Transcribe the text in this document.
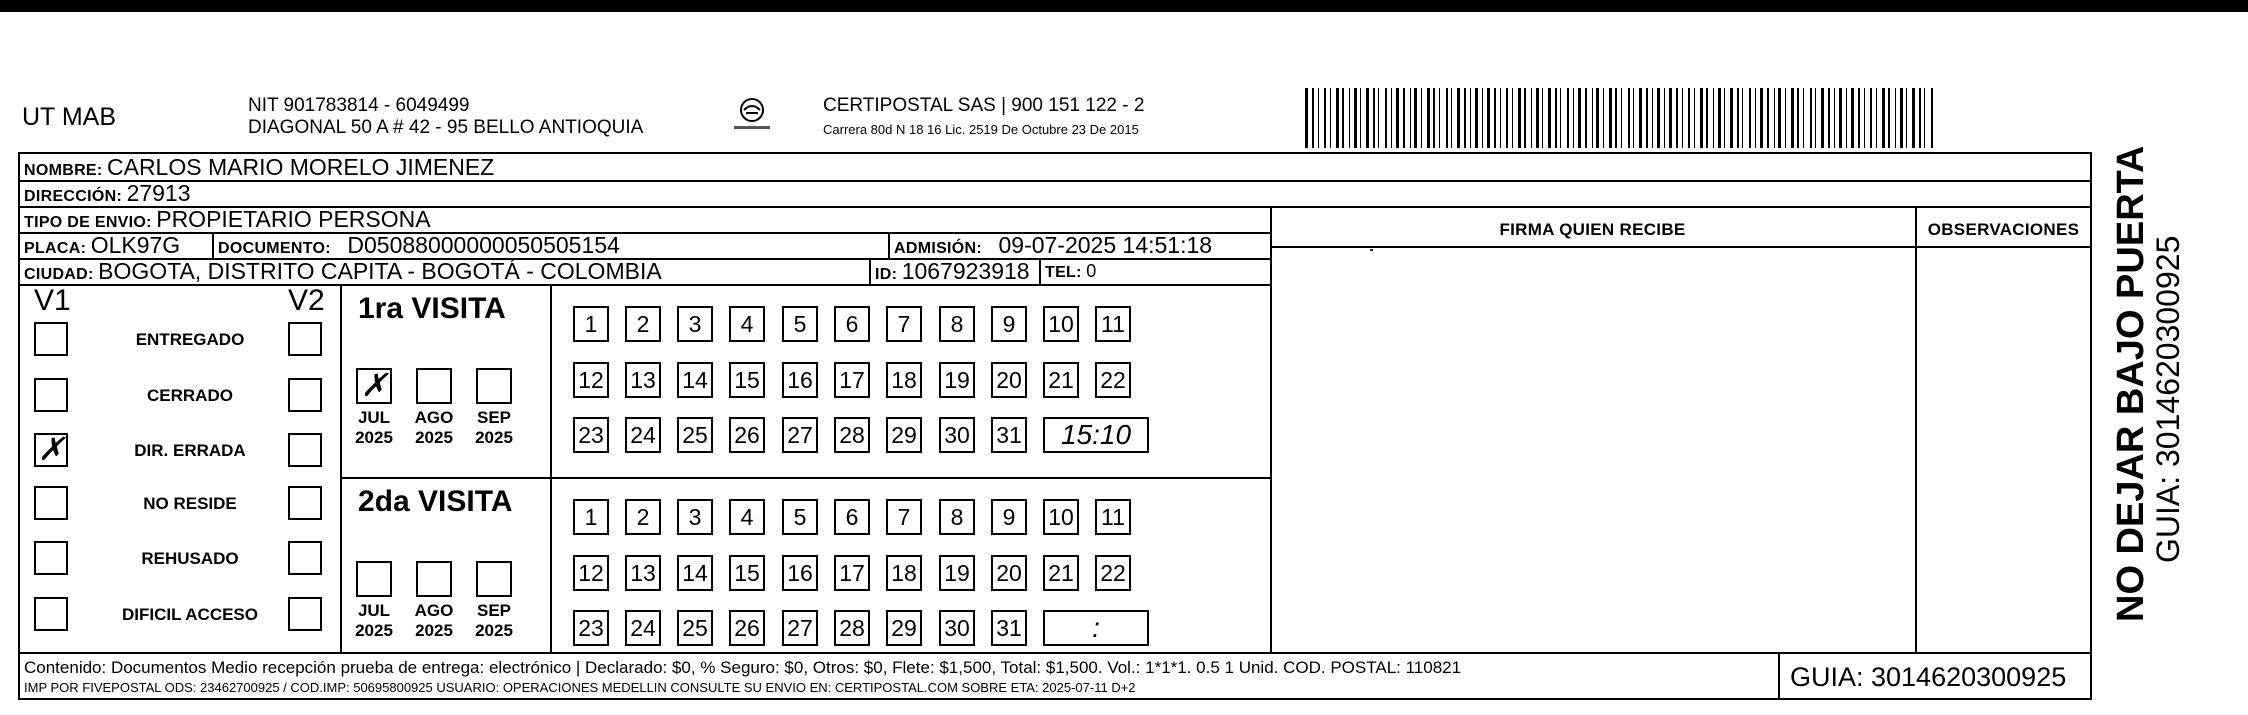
UT MAB	NIT 901783814 - 6049499
DIAGONAL 50 A # 42 - 95 BELLO ANTIOQUIA
CERTIPOSTAL SAS | 900 151 122 - 2
Carrera 80d N 18 16 Lic. 2519 De Octubre 23 De 2015
NOMBRE: CARLOS MARIO MORELO JIMENEZ
DIRECCIÓN: 27913
TIPO DE ENVIO: PROPIETARIO PERSONA
PLACA: OLK97G DOCUMENTO: D05088000000050505154	ADMISIÓN: 09-07-2025 14:51:18
CIUDAD: BOGOTA, DISTRITO CAPITA - BOGOTÁ - COLOMBIA	ID: 1067923918 TEL: 0
FIRMA QUIEN RECIBE	OBSERVACIONES
V1	V2
ENTREGADO
CERRADO
✗	DIR. ERRADA
NO RESIDE
REHUSADO
DIFICIL ACCESO
1ra VISITA
✗
JUL
2025
AGO
2025
SEP
2025
1	2	3	4	5	6	7	8	9	10 11
12 13 14 15 16 17 18 19 20 21 22
23 24 25 26 27 28 29 30 31	15:10
2da VISITA
JUL
2025
AGO
2025
SEP
2025
1	2	3	4	5	6	7	8	9	10 11
12 13 14 15 16 17 18 19 20 21 22
23 24 25 26 27 28 29 30 31	:
Contenido: Documentos Medio recepción prueba de entrega: electrónico | Declarado: $0, % Seguro: $0, Otros: $0, Flete: $1,500, Total: $1,500. Vol.: 1*1*1. 0.5 1 Unid. COD. POSTAL: 110821
IMP POR FIVEPOSTAL ODS: 23462700925 / COD.IMP: 50695800925 USUARIO: OPERACIONES MEDELLIN CONSULTE SU ENVIO EN: CERTIPOSTAL.COM SOBRE ETA: 2025-07-11 D+2	GUIA: 3014620300925
NO DEJAR BAJO PUERTA
GUIA: 3014620300925
